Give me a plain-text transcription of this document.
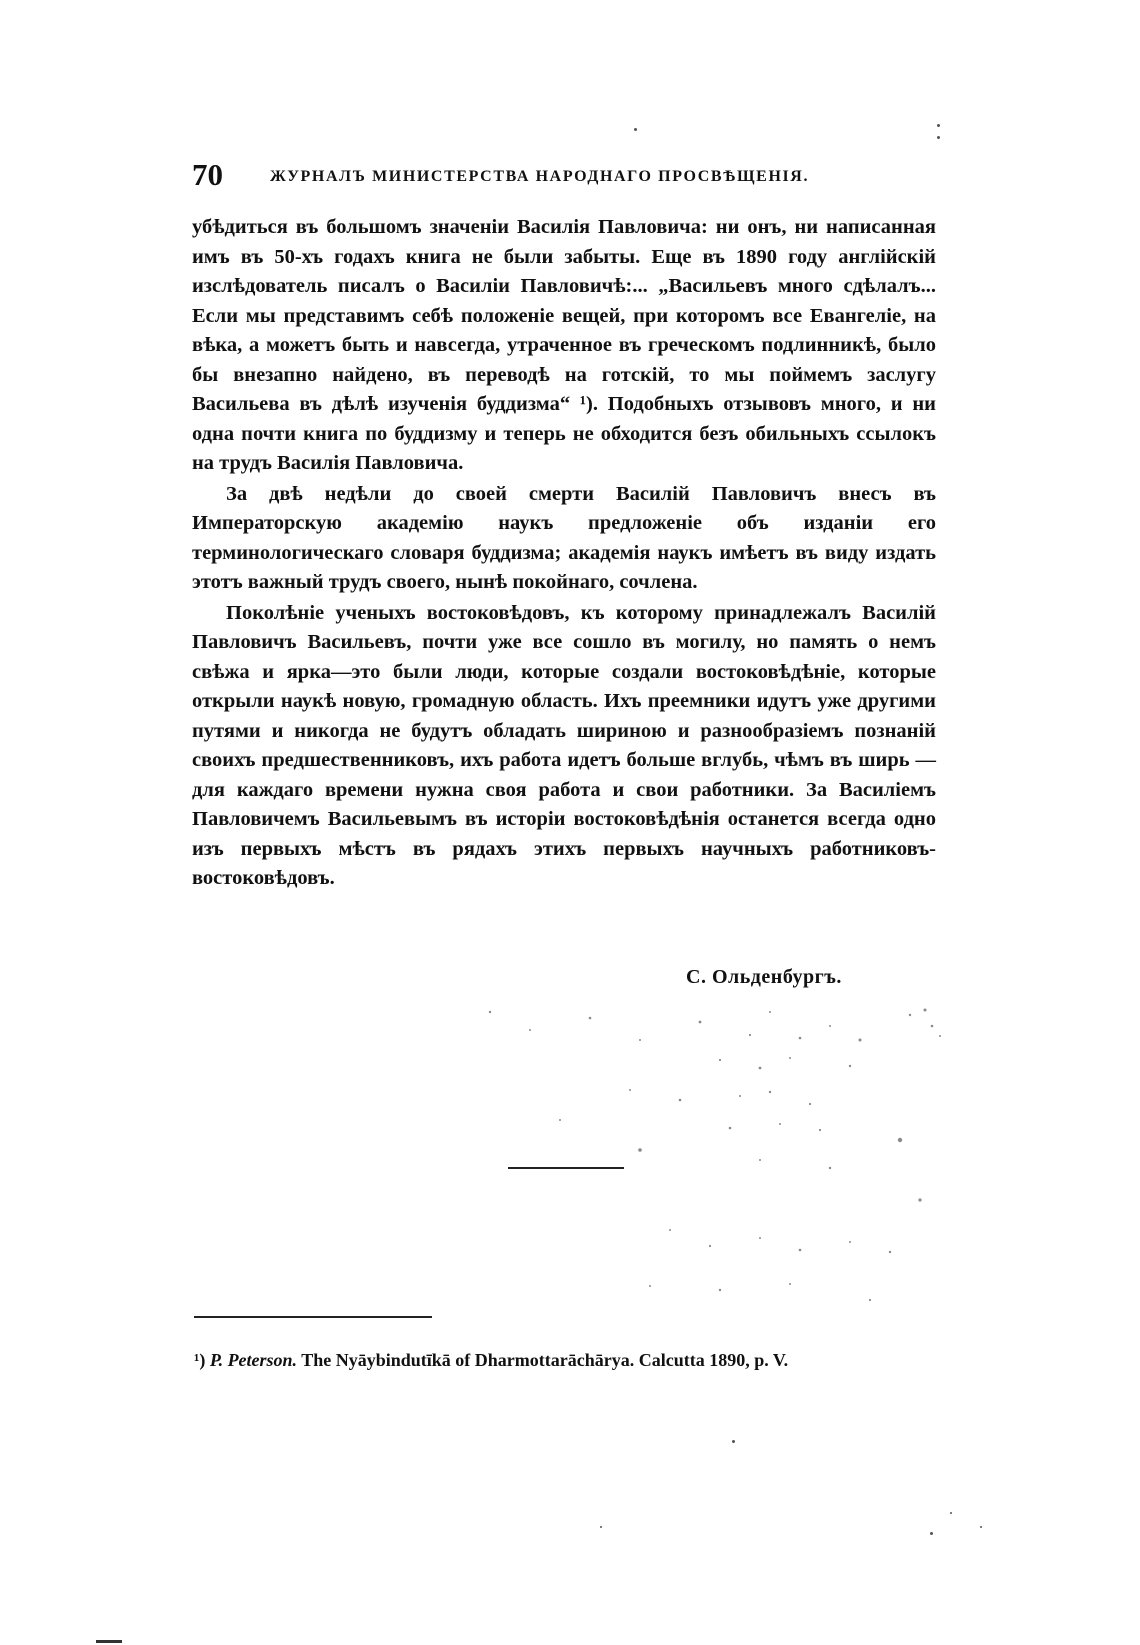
70	ЖУРНАЛЪ МИНИСТЕРСТВА НАРОДНАГО ПРОСВѢЩЕНІЯ.

убѣдиться въ большомъ значеніи Василія Павловича: ни онъ, ни написанная имъ въ 50-хъ годахъ книга не были забыты. Еще въ 1890 году англійскій изслѣдователь писалъ о Василіи Павловичѣ:... „Васильевъ много сдѣлалъ... Если мы представимъ себѣ положеніе вещей, при которомъ все Евангеліе, на вѣка, а можетъ быть и навсегда, утраченное въ греческомъ подлинникѣ, было бы внезапно найдено, въ переводѣ на готскій, то мы поймемъ заслугу Васильева въ дѣлѣ изученія буддизма“ ¹). Подобныхъ отзывовъ много, и ни одна почти книга по буддизму и теперь не обходится безъ обильныхъ ссылокъ на трудъ Василія Павловича.

За двѣ недѣли до своей смерти Василій Павловичъ внесъ въ Императорскую академію наукъ предложеніе объ изданіи его терминологическаго словаря буддизма; академія наукъ имѣетъ въ виду издать этотъ важный трудъ своего, нынѣ покойнаго, сочлена.

Поколѣніе ученыхъ востоковѣдовъ, къ которому принадлежалъ Василій Павловичъ Васильевъ, почти уже все сошло въ могилу, но память о немъ свѣжа и ярка—это были люди, которые создали востоковѣдѣніе, которые открыли наукѣ новую, громадную область. Ихъ преемники идутъ уже другими путями и никогда не будутъ обладать ширинoю и разнообразіемъ познаній своихъ предшественниковъ, ихъ работа идетъ больше вглубь, чѣмъ въ ширь — для каждаго времени нужна своя работа и свои работники. За Василіемъ Павловичемъ Васильевымъ въ исторіи востоковѣдѣнія останется всегда одно изъ первыхъ мѣстъ въ рядахъ этихъ первыхъ научныхъ работниковъ-востоковѣдовъ.

С. Ольденбургъ.
¹) P. Peterson. The Nyāybindutīkā of Dharmottarāchārya. Calcutta 1890, p. V.
